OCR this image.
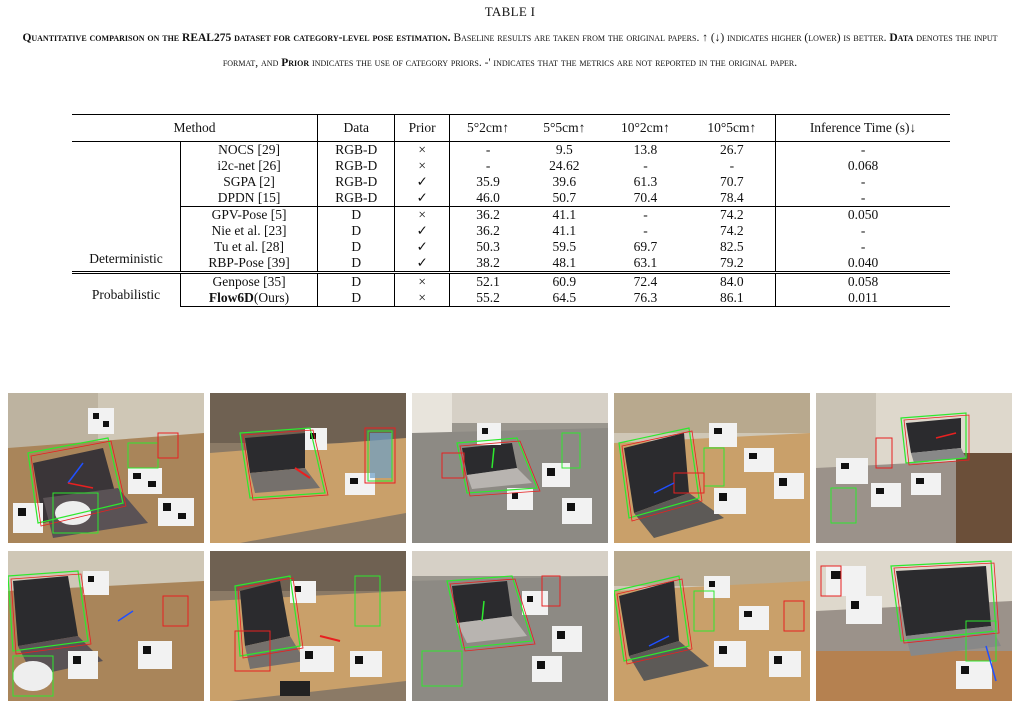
TABLE I
Quantitative comparison on the REAL275 dataset for category-level pose estimation. Baseline results are taken from the original papers. ↑ (↓) indicates higher (lower) is better. Data denotes the input format, and Prior indicates the use of category priors. -' indicates that the metrics are not reported in the original paper.
Method		Data	Prior	5°2cm↑	5°5cm↑	10°2cm↑	10°5cm↑	Inference Time (s)↓
Deterministic	NOCS [29]	RGB-D	×	-	9.5	13.8	26.7	-
	i2c-net [26]	RGB-D	×	-	24.62	-	-	0.068
	SGPA [2]	RGB-D	✓	35.9	39.6	61.3	70.7	-
	DPDN [15]	RGB-D	✓	46.0	50.7	70.4	78.4	-
	GPV-Pose [5]	D	×	36.2	41.1	-	74.2	0.050
	Nie et al. [23]	D	✓	36.2	41.1	-	74.2	-
	Tu et al. [28]	D	✓	50.3	59.5	69.7	82.5	-
	RBP-Pose [39]	D	✓	38.2	48.1	63.1	79.2	0.040
Probabilistic	Genpose [35]	D	×	52.1	60.9	72.4	84.0	0.058
	Flow6D(Ours)	D	×	55.2	64.5	76.3	86.1	0.011
